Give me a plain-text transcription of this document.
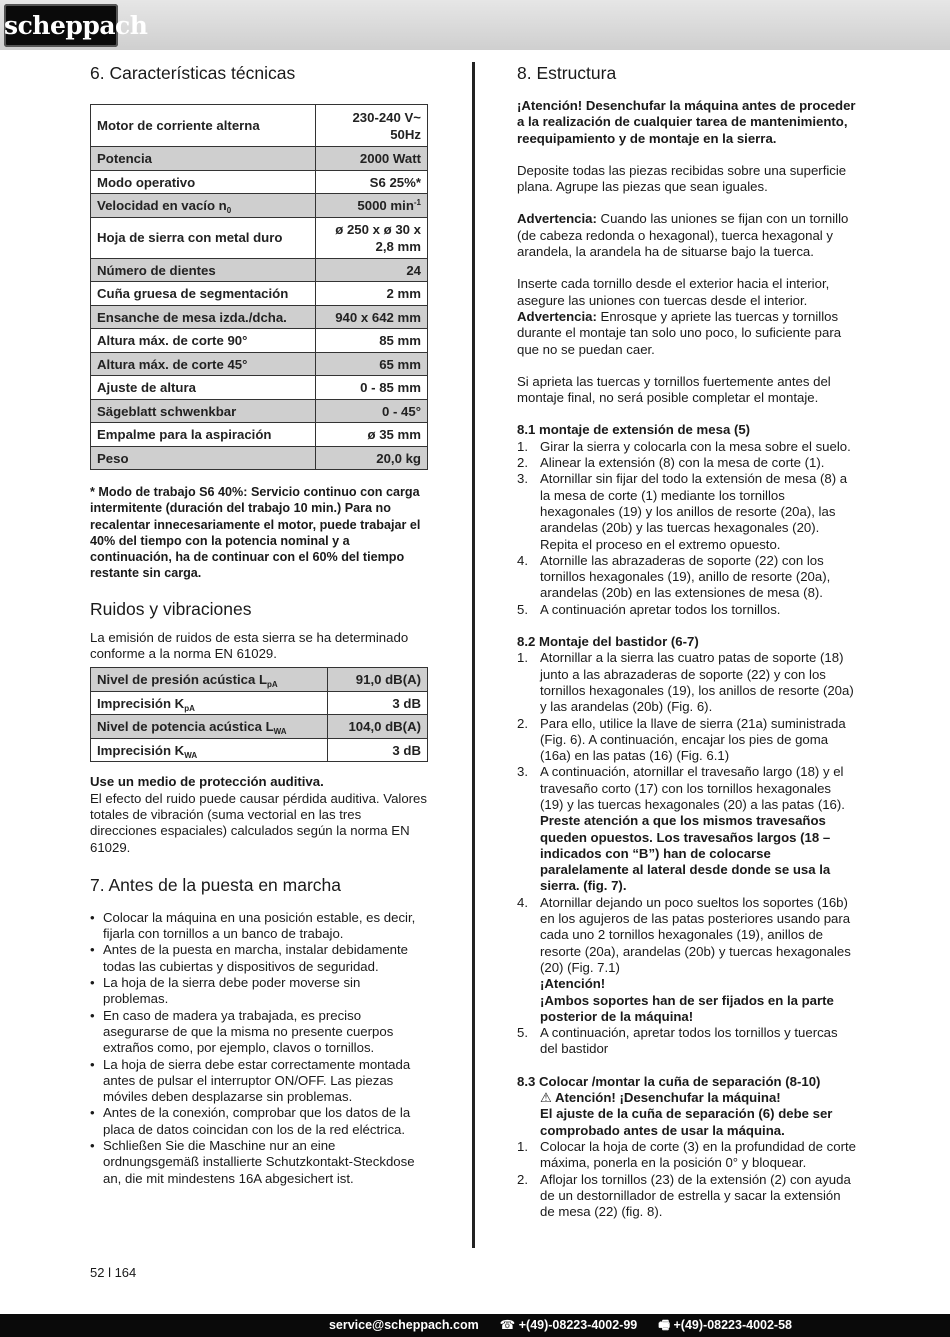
scheppach
6. Características técnicas
Motor de corriente alterna	230-240 V~
50Hz
Potencia	2000 Watt
Modo operativo	S6 25%*
Velocidad en vacío $n_0$	5000 $\min^{-1}$
Hoja de sierra con metal duro	ø 250 x ø 30 x 2,8 mm
Número de dientes	24
Cuña gruesa de segmentación	2 mm
Ensanche de mesa izda./dcha.	940 x 642 mm
Altura máx. de corte 90°	85 mm
Altura máx. de corte 45°	65 mm
Ajuste de altura	0 - 85 mm
Sägeblatt schwenkbar	0 - 45°
Empalme para la aspiración	ø 35 mm
Peso	20,0 kg

* Modo de trabajo S6 40%: Servicio continuo con carga intermitente (duración del trabajo 10 min.) Para no recalentar innecesariamente el motor, puede trabajar el 40% del tiempo con la potencia nominal y a continuación, ha de continuar con el 60% del tiempo restante sin carga.

Ruidos y vibraciones

La emisión de ruidos de esta sierra se ha determinado conforme a la norma EN 61029.

Nivel de presión acústica $L_{pA}$	91,0 dB(A)
Imprecisión $K_{pA}$	3 dB
Nivel de potencia acústica $L_{WA}$	104,0 dB(A)
Imprecisión $K_{WA}$	3 dB

Use un medio de protección auditiva.

El efecto del ruido puede causar pérdida auditiva. Valores totales de vibración (suma vectorial en las tres direcciones espaciales) calculados según la norma EN 61029.

7. Antes de la puesta en marcha
• Colocar la máquina en una posición estable, es decir, fijarla con tornillos a un banco de trabajo.
• Antes de la puesta en marcha, instalar debidamente todas las cubiertas y dispositivos de seguridad.
• La hoja de la sierra debe poder moverse sin problemas.
• En caso de madera ya trabajada, es preciso asegurarse de que la misma no presente cuerpos extraños como, por ejemplo, clavos o tornillos.
• La hoja de sierra debe estar correctamente montada antes de pulsar el interruptor ON/OFF. Las piezas móviles deben desplazarse sin problemas.
• Antes de la conexión, comprobar que los datos de la placa de datos coincidan con los de la red eléctrica.
• Schließen Sie die Maschine nur an eine ordnungsgemäß installierte Schutzkontakt-Steckdose an, die mit mindestens 16A abgesichert ist.
8. Estructura

¡Atención! Desenchufar la máquina antes de proceder a la realización de cualquier tarea de mantenimiento, reequipamiento y de montaje en la sierra.

Deposite todas las piezas recibidas sobre una superficie plana. Agrupe las piezas que sean iguales.

Advertencia: Cuando las uniones se fijan con un tornillo (de cabeza redonda o hexagonal), tuerca hexagonal y arandela, la arandela ha de situarse bajo la tuerca.

Inserte cada tornillo desde el exterior hacia el interior, asegure las uniones con tuercas desde el interior.

Advertencia: Enrosque y apriete las tuercas y tornillos durante el montaje tan solo uno poco, lo suficiente para que no se puedan caer.

Si aprieta las tuercas y tornillos fuertemente antes del montaje final, no será posible completar el montaje.

8.1 montaje de extensión de mesa (5)
1. Girar la sierra y colocarla con la mesa sobre el suelo.
2. Alinear la extensión (8) con la mesa de corte (1).
3. Atornillar sin fijar del todo la extensión de mesa (8) a la mesa de corte (1) mediante los tornillos hexagonales (19) y los anillos de resorte (20a), las arandelas (20b) y las tuercas hexagonales (20). Repita el proceso en el extremo opuesto.
4. Atornille las abrazaderas de soporte (22) con los tornillos hexagonales (19), anillo de resorte (20a), arandelas (20b) en las extensiones de mesa (8).
5. A continuación apretar todos los tornillos.
8.2 Montaje del bastidor (6-7)
1. Atornillar a la sierra las cuatro patas de soporte (18) junto a las abrazaderas de soporte (22) y con los tornillos hexagonales (19), los anillos de resorte (20a) y las arandelas (20b) (Fig. 6).
2. Para ello, utilice la llave de sierra (21a) suministrada (Fig. 6). A continuación, encajar los pies de goma (16a) en las patas (16) (Fig. 6.1)
3. A continuación, atornillar el travesaño largo (18) y el travesaño corto (17) con los tornillos hexagonales (19) y las tuercas hexagonales (20) a las patas (16).
Preste atención a que los mismos travesaños queden opuestos. Los travesaños largos (18 – indicados con “B”) han de colocarse paralelamente al lateral desde donde se usa la sierra. (fig. 7).
4. Atornillar dejando un poco sueltos los soportes (16b) en los agujeros de las patas posteriores usando para cada uno 2 tornillos hexagonales (19), anillos de resorte (20a), arandelas (20b) y tuercas hexagonales (20) (Fig. 7.1)
¡Atención!
¡Ambos soportes han de ser fijados en la parte posterior de la máquina!
5. A continuación, apretar todos los tornillos y tuercas del bastidor
8.3 Colocar /montar la cuña de separación (8-10)

⚠ Atención! ¡Desenchufar la máquina!

El ajuste de la cuña de separación (6) debe ser comprobado antes de usar la máquina.

1. Colocar la hoja de corte (3) en la profundidad de corte máxima, ponerla en la posición 0° y bloquear.
2. Aflojar los tornillos (23) de la extensión (2) con ayuda de un destornillador de estrella y sacar la extensión de mesa (22) (fig. 8).
52 l 164
service@scheppach.com ☎ +(49)-08223-4002-99 🖷 +(49)-08223-4002-58
